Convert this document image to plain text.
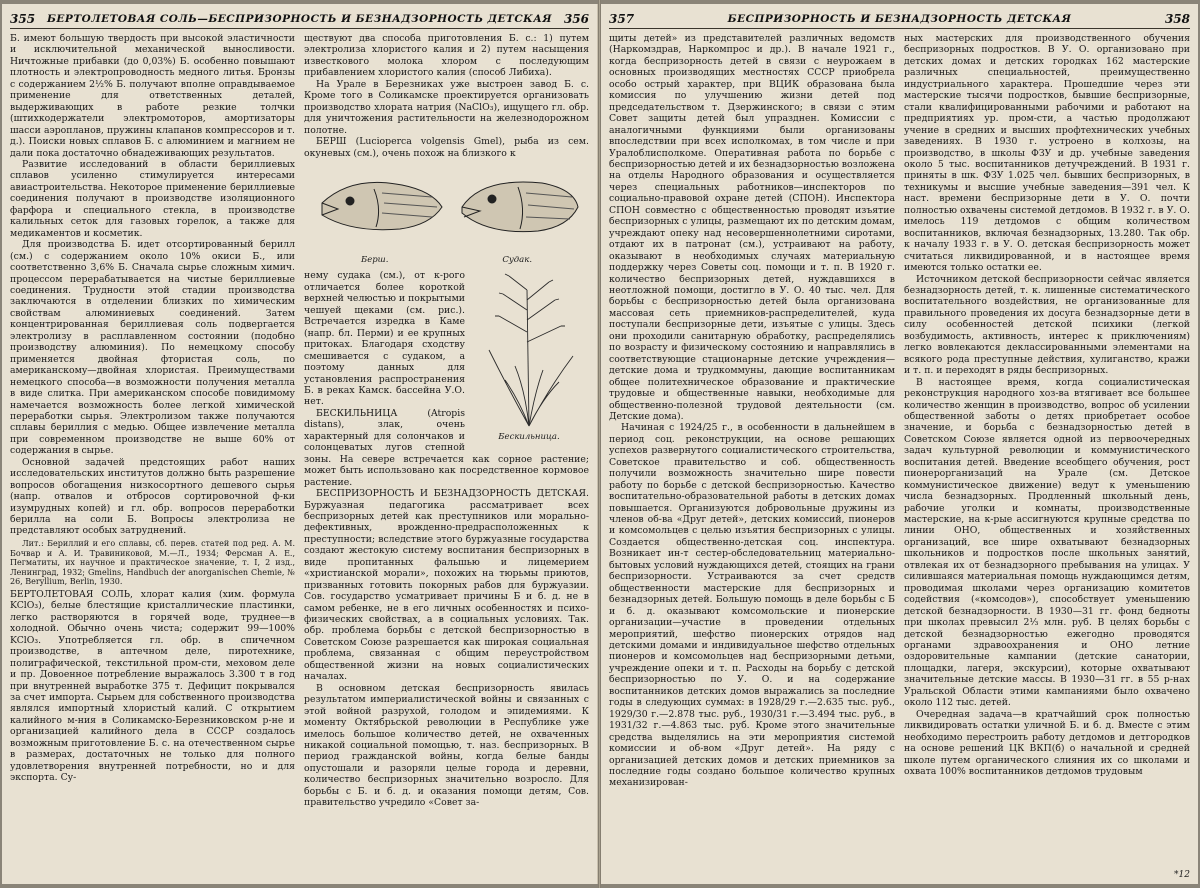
355 БЕРТОЛЕТОВАЯ СОЛЬ—БЕСПРИЗОРНОСТЬ И БЕЗНАДЗОРНОСТЬ ДЕТСКАЯ 356

Б. имеют большую твердость при высокой эластичности и исключительной механической выносливости. Ничтожные прибавки (до 0,03%) Б. особенно повышают плотность и электропроводность медного литья. Бронзы с содержанием 2½% Б. получают вполне оправдываемое применение для ответственных деталей, выдерживающих в работе резкие толчки (штихкодержатели электромоторов, амортизаторы шасси аэропланов, пружины клапанов компрессоров и т. д.). Поиски новых сплавов Б. с алюминием и магнием не дали пока достаточно обнадеживающих результатов.

Развитие исследований в области бериллиевых сплавов усиленно стимулируется интересами авиастроительства. Некоторое применение бериллиевые соединения получают в производстве изоляционного фарфора и специального стекла, в производстве калильных сеток для газовых горелок, а также для медикаментов и косметик.

Для производства Б. идет отсортированный берилл (см.) с содержанием около 10% окиси Б., или соответственно 3,6% Б. Сначала сырье сложным химич. процессом перерабатывается на чистые бериллиевые соединения. Трудности этой стадии производства заключаются в отделении близких по химическим свойствам алюминиевых соединений. Затем концентрированная бериллиевая соль подвергается электролизу в расплавленном состоянии (подобно производству алюминия). По немецкому способу применяется двойная фтористая соль, по американскому—двойная хлористая. Преимуществами немецкого способа—в возможности получения металла в виде слитка. При американском способе повидимому намечается возможность более легкой химической переработки сырья. Электролизом также получаются сплавы бериллия с медью. Общее извлечение металла при современном производстве не выше 60% от содержания в сырье.

Основной задачей предстоящих работ наших исследовательских институтов должно быть разрешение вопросов обогащения низкосортного дешевого сырья (напр. отвалов и отбросов сортировочной ф-ки изумрудных копей) и гл. обр. вопросов переработки берилла на соли Б. Вопросы электролиза не представляют особых затруднений.

Лит.: Бериллий и его сплавы, сб. перев. статей под ред. А. М. Бочвар и А. И. Травиниковой, М.—Л., 1934; Ферсман А. Е., Пегматиты, их научное и практическое значение, т. I, 2 изд., Ленинград, 1932; Gmelins, Handbuch der anorganischen Chemie, № 26, Beryllium, Berlin, 1930.

БЕРТОЛЕТОВАЯ СОЛЬ, хлорат калия (хим. формула KClO₃), белые блестящие кристаллические пластинки, легко растворяются в горячей воде, труднее—в холодной. Обычно очень чиста; содержит 99—100% KClO₃. Употребляется гл. обр. в спичечном производстве, в аптечном деле, пиротехнике, полиграфической, текстильной пром-сти, меховом деле и пр. Довоенное потребление выражалось 3.300 т в год при внутренней выработке 375 т. Дефицит покрывался за счет импорта. Сырьем для собственного производства являлся импортный хлористый калий. С открытием калийного м-ния в Соликамско-Березниковском р-не и организацией калийного дела в СССР создалось возможным приготовление Б. с. на отечественном сырье в размерах, достаточных не только для полного удовлетворения внутренней потребности, но и для экспорта. Су-

ществуют два способа приготовления Б. с.: 1) путем электролиза хлористого калия и 2) путем насыщения известкового молока хлором с последующим прибавлением хлористого калия (способ Либиха).

На Урале в Березниках уже выстроен завод Б. с. Кроме того в Соликамске проектируется организовать производство хлората натрия (NaClO₃), ищущего гл. обр. для уничтожения растительности на железнодорожном полотне.

БЕРШ (Lucioperca volgensis Gmel), рыба из сем. окуневых (см.), очень похож на близкого к

Берш.	Судак.
Бескильница.

нему судака (см.), от к-рого отличается более короткой верхней челюстью и покрытыми чешуей щеками (см. рис.). Встречается изредка в Каме (напр. бл. Перми) и ее крупных притоках. Благодаря сходству смешивается с судаком, а поэтому данных для установления распространения Б. в реках Камск. бассейна У.О. нет.

БЕСКИЛЬНИЦА (Atropis distans), злак, очень характерный для солончаков и солонцеватых лугов степной зоны. На севере встречается как сорное растение; может быть использовано как посредственное кормовое растение.

БЕСПРИЗОРНОСТЬ И БЕЗНАДЗОРНОСТЬ ДЕТСКАЯ. Буржуазная педагогика рассматривает всех беспризорных детей как преступников или морально-дефективных, врожденно-предрасположенных к преступности; вследствие этого буржуазные государства создают жестокую систему воспитания беспризорных в виде пропитанных фальшью и лицемерием «христианской морали», похожих на тюрьмы приютов, призванных готовить покорных рабов для буржуазии. Сов. государство усматривает причины Б и б. д. не в самом ребенке, не в его личных особенностях и психо-физических свойствах, а в социальных условиях. Так. обр. проблема борьбы с детской беспризорностью в Советском Союзе разрешается как широкая социальная проблема, связанная с общим переустройством общественной жизни на новых социалистических началах.

В основном детская беспризорность явилась результатом империалистической войны и связанных с этой войной разрухой, голодом и эпидемиями. К моменту Октябрьской революции в Республике уже имелось большое количество детей, не охваченных никакой социальной помощью, т. наз. беспризорных. В период гражданской войны, когда белые банды опустошали и разоряли целые города и деревни, количество беспризорных значительно возросло. Для борьбы с Б. и б. д. и оказания помощи детям, Сов. правительство учредило «Совет за-

357	БЕСПРИЗОРНОСТЬ И БЕЗНАДЗОРНОСТЬ ДЕТСКАЯ	358

щиты детей» из представителей различных ведомств (Наркомздрав, Наркомпрос и др.). В начале 1921 г., когда беспризорность детей в связи с неурожаем в основных производящих местностях СССР приобрела особо острый характер, при ВЦИК образована была комиссия по улучшению жизни детей под председательством т. Дзержинского; в связи с этим Совет защиты детей был упразднен. Комиссии с аналогичными функциями были организованы впоследствии при всех исполкомах, в том числе и при Уралоблисполкоме. Оперативная работа по борьбе с беспризорностью детей и их безнадзорностью возложена на отделы Народного образования и осуществляется через специальных работников—инспекторов по социально-правовой охране детей (СПОН). Инспектора СПОН совместно с общественностью проводят изъятие беспризорных с улицы, размещают их по детским домам, учреждают опеку над несовершеннолетними сиротами, отдают их в патронат (см.), устраивают на работу, оказывают в необходимых случаях материальную поддержку через Советы соц. помощи и т. п. В 1920 г. количество беспризорных детей, нуждавшихся в неотложной помощи, достигло в У. О. 40 тыс. чел. Для борьбы с беспризорностью детей была организована массовая сеть приемников-распределителей, куда поступали беспризорные дети, изъятые с улицы. Здесь они проходили санитарную обработку, распределялись по возрасту и физическому состоянию и направлялись в соответствующие стационарные детские учреждения—детские дома и трудкоммуны, дающие воспитанникам общее политехническое образование и практические трудовые и общественные навыки, необходимые для общественно-полезной трудовой деятельности (см. Детские дома).

Начиная с 1924/25 г., в особенности в дальнейшем в период соц. реконструкции, на основе решающих успехов развернутого социалистического строительства, Советское правительство и соб. общественность получили возможность значительно шире повести работу по борьбе с детской беспризорностью. Качество воспитательно-образовательной работы в детских домах повышается. Организуются добровольные дружины из членов об-ва «Друг детей», детских комиссий, пионеров и комсомольцев с целью изъятия беспризорных с улицы. Создается общественно-детская соц. инспектура. Возникает ин-т сестер-обследовательниц материально-бытовых условий нуждающихся детей, стоящих на грани беспризорности. Устраиваются за счет средств общественности мастерские для беспризорных и безнадзорных детей. Большую помощь в деле борьбы с Б и б. д. оказывают комсомольские и пионерские организации—участие в проведении отдельных мероприятий, шефство пионерских отрядов над детскими домами и индивидуальное шефство отдельных пионеров и комсомольцев над беспризорными детьми, учреждение опеки и т. п. Расходы на борьбу с детской беспризорностью по У. О. и на содержание воспитанников детских домов выражались за последние годы в следующих суммах: в 1928/29 г.—2.635 тыс. руб., 1929/30 г.—2.878 тыс. руб., 1930/31 г.—3.494 тыс. руб., в 1931/32 г.—4.863 тыс. руб. Кроме этого значительные средства выделялись на эти мероприятия системой комиссии и об-вом «Друг детей». На ряду с организацией детских домов и детских приемников за последние годы создано большое количество крупных механизирован-

ных мастерских для производственного обучения беспризорных подростков. В У. О. организовано при детских домах и детских городках 162 мастерские различных специальностей, преимущественно индустриального характера. Прошедшие через эти мастерские тысячи подростков, бывшие беспризорные, стали квалифицированными рабочими и работают на предприятиях ур. пром-сти, а частью продолжают учение в средних и высших профтехнических учебных заведениях. В 1930 г. устроено в колхозы, на производство, в школы ФЗУ и др. учебные заведения около 5 тыс. воспитанников детучреждений. В 1931 г. приняты в шк. ФЗУ 1.025 чел. бывших беспризорных, в техникумы и высшие учебные заведения—391 чел. К наст. времени беспризорные дети в У. О. почти полностью охвачены системой детдомов. В 1932 г. в У. О. имелось 119 детдомов с общим количеством воспитанников, включая безнадзорных, 13.280. Так обр. к началу 1933 г. в У. О. детская беспризорность может считаться ликвидированной, и в настоящее время имеются только остатки ее.

Источником детской беспризорности сейчас является безнадзорность детей, т. к. лишенные систематического воспитательного воздействия, не организованные для правильного проведения их досуга безнадзорные дети в силу особенностей детской психики (легкой возбудимость, активность, интерес к приключениям) легко вовлекаются деклассированными элементами на всякого рода преступные действия, хулиганство, кражи и т. п. и переходят в ряды беспризорных.

В настоящее время, когда социалистическая реконструкция народного хоз-ва втягивает все большее количество женщин в производство, вопрос об усилении общественной заботы о детях приобретает особое значение, и борьба с безнадзорностью детей в Советском Союзе является одной из первоочередных задач культурной революции и коммунистического воспитания детей. Введение всеобщего обучения, рост пионерорганизаций на Урале (см. Детское коммунистическое движение) ведут к уменьшению числа безнадзорных. Продленный школьный день, рабочие уголки и комнаты, производственные мастерские, на к-рые ассигнуются крупные средства по линии ОНО, общественных и хозяйственных организаций, все шире охватывают безнадзорных школьников и подростков после школьных занятий, отвлекая их от безнадзорного пребывания на улицах. У силившаяся материальная помощь нуждающимся детям, проводимая школами через организацию комитетов содействия («комсодов»), способствует уменьшению детской безнадзорности. В 1930—31 гг. фонд бедноты при школах превысил 2⅓ млн. руб. В целях борьбы с детской безнадзорностью ежегодно проводятся органами здравоохранения и ОНО летние оздоровительные кампании (детские санатории, площадки, лагеря, экскурсии), которые охватывают значительные детские массы. В 1930—31 гг. в 55 р-нах Уральской Области этими кампаниями было охвачено около 112 тыс. детей.

Очередная задача—в кратчайший срок полностью ликвидировать остатки уличной Б. и б. д. Вместе с этим необходимо перестроить работу детдомов и детгородков на основе решений ЦК ВКП(б) о начальной и средней школе путем органического слияния их со школами и охвата 100% воспитанников детдомов трудовым

*12
